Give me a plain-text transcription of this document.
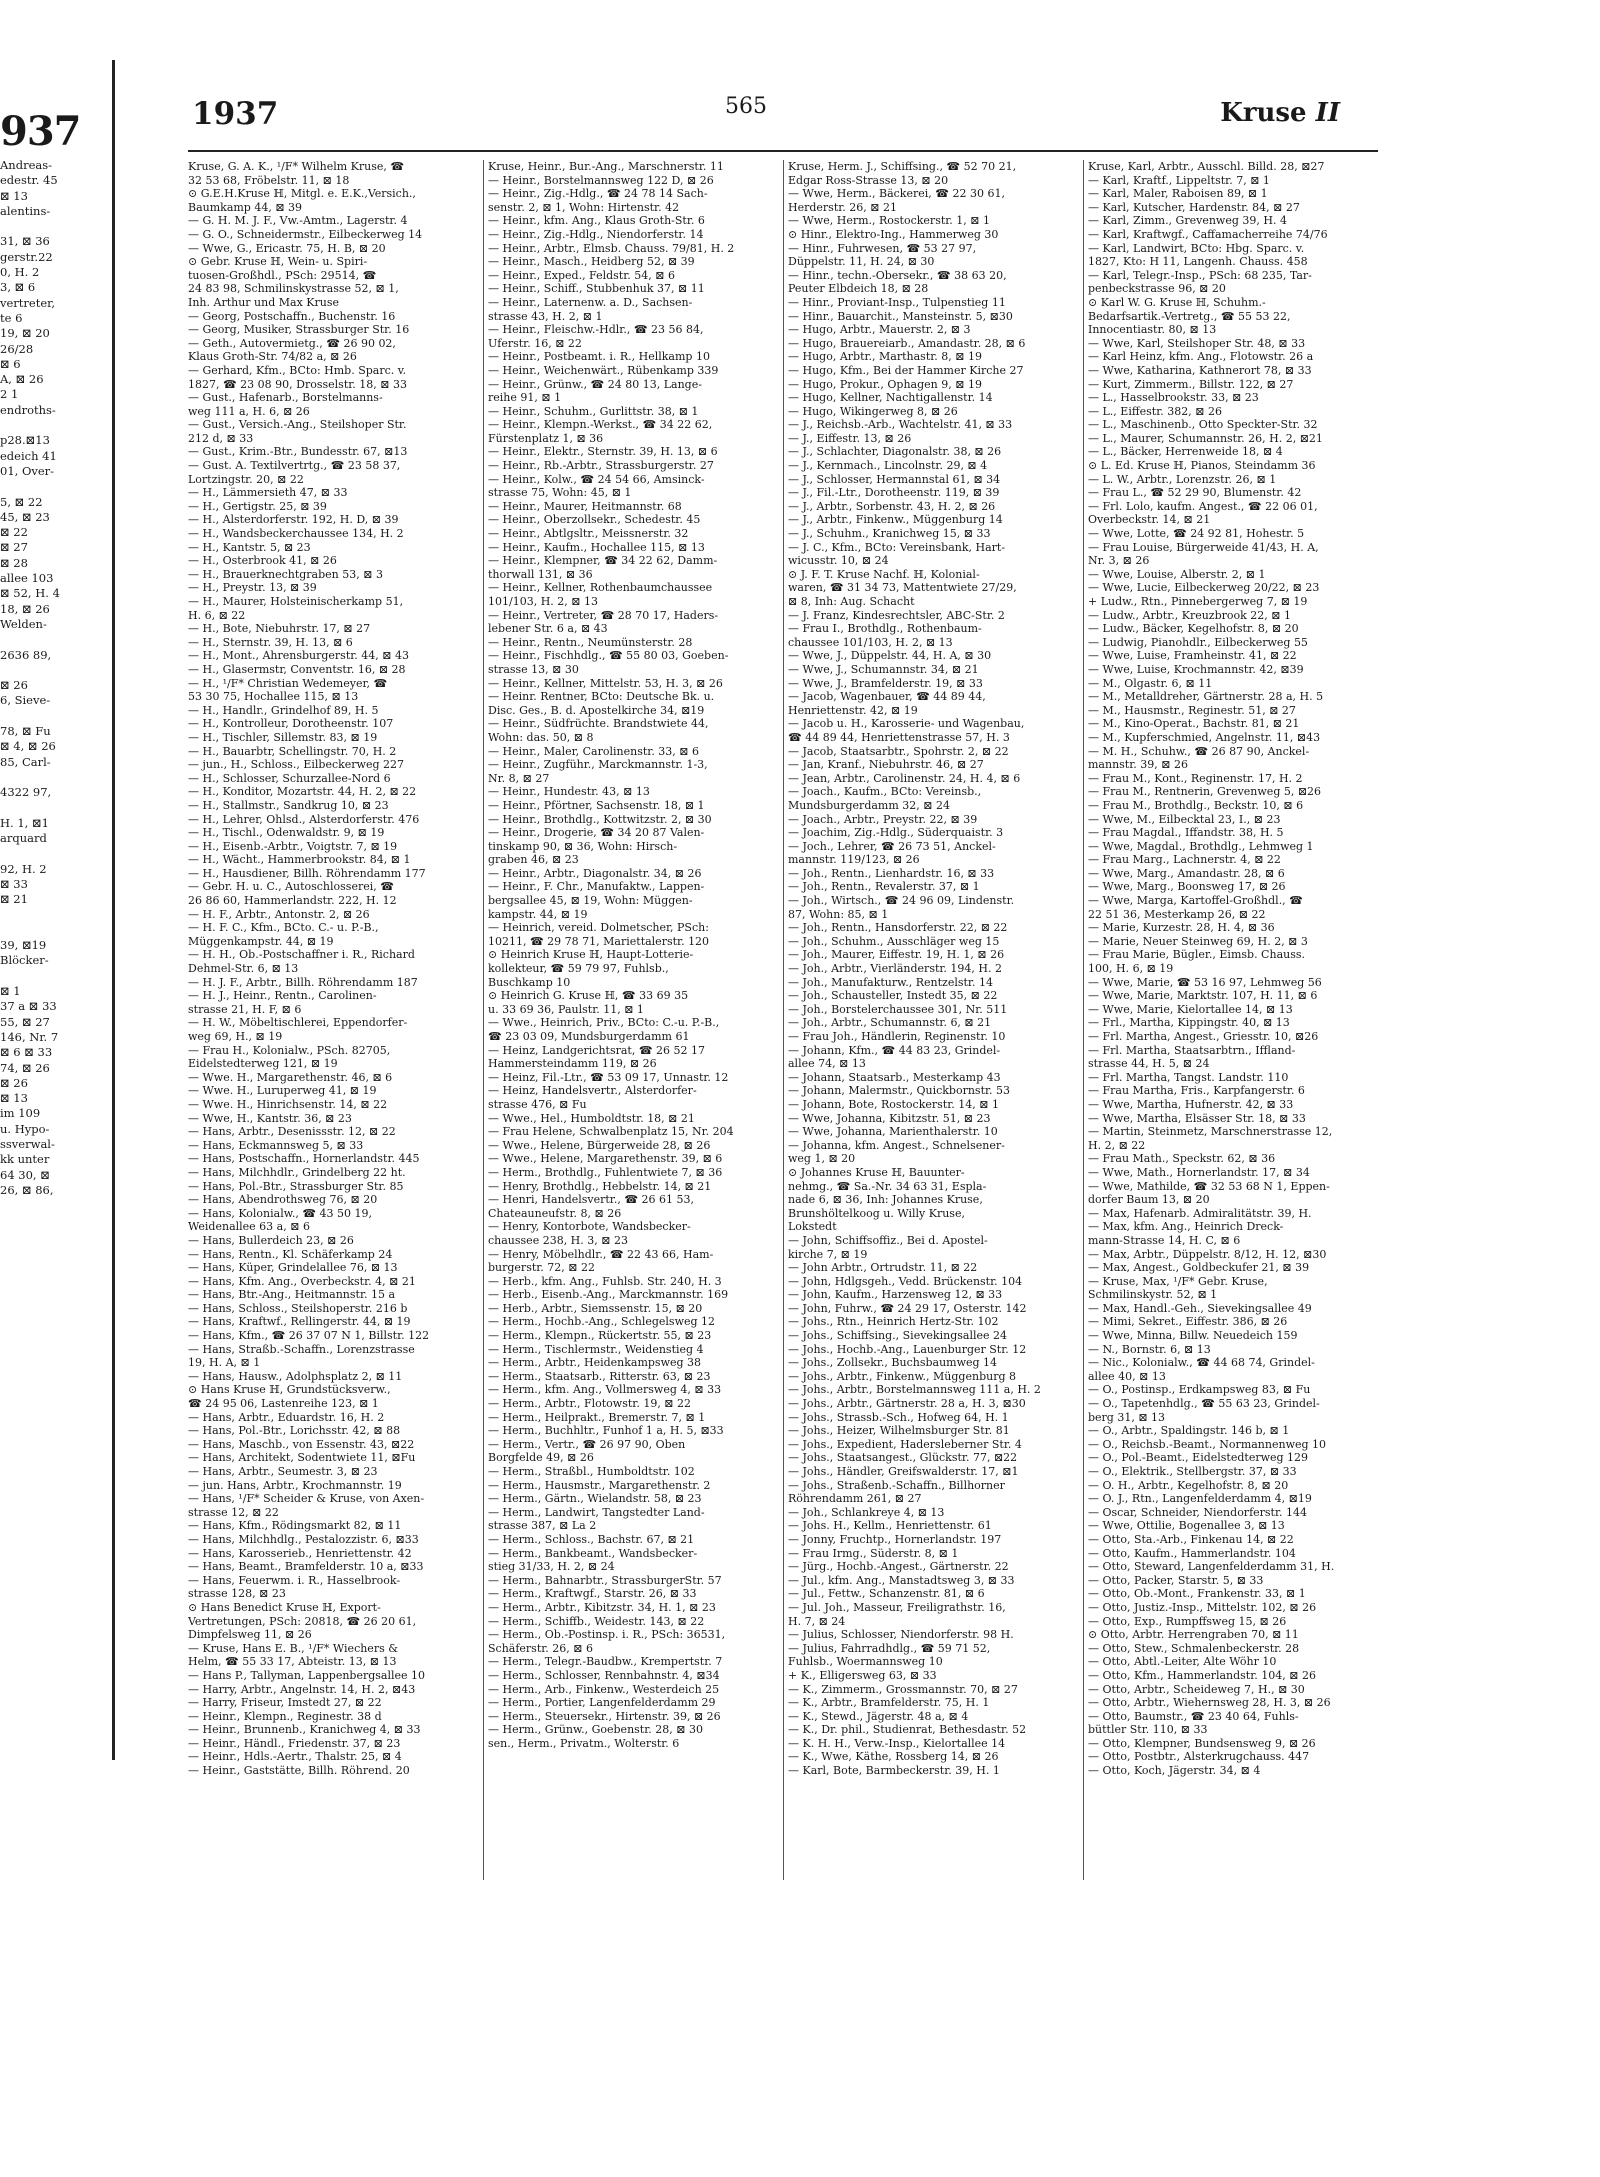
937
Andreas-
edestr. 45
⊠ 13
alentins-

31, ⊠ 36
gerstr.22
0, H. 2
3, ⊠ 6
vertreter,
te 6
19, ⊠ 20
26/28
⊠ 6
A, ⊠ 26
2 1
endroths-

p28.⊠13
edeich 41
01, Over-

5, ⊠ 22
45, ⊠ 23
⊠ 22
⊠ 27
⊠ 28
allee 103
⊠ 52, H. 4
18, ⊠ 26
Welden-

2636 89,

⊠ 26
6, Sieve-

78, ⊠ Fu
⊠ 4, ⊠ 26
85, Carl-

4322 97,

H. 1, ⊠1
arquard

92, H. 2
⊠ 33
⊠ 21

39, ⊠19
Blöcker-

⊠ 1
37 a ⊠ 33
55, ⊠ 27
146, Nr. 7
⊠ 6 ⊠ 33
74, ⊠ 26
⊠ 26
⊠ 13
im 109
u. Hypo-
ssverwal-
kk unter
64 30, ⊠
26, ⊠ 86,
1937	565	Kruse II

Kruse, G. A. K., ¹/F* Wilhelm Kruse, ☎

32 53 68, Fröbelstr. 11, ⊠ 18

⊙ G.E.H.Kruse ℍ, Mitgl. e. E.K.,Versich.,

Baumkamp 44, ⊠ 39

— G. H. M. J. F., Vw.-Amtm., Lagerstr. 4

— G. O., Schneidermstr., Eilbeckerweg 14

— Wwe, G., Ericastr. 75, H. B, ⊠ 20

⊙ Gebr. Kruse ℍ, Wein- u. Spiri-

tuosen-Großhdl., PSch: 29514, ☎

24 83 98, Schmilinskystrasse 52, ⊠ 1,

Inh. Arthur und Max Kruse

— Georg, Postschaffn., Buchenstr. 16

— Georg, Musiker, Strassburger Str. 16

— Geth., Autovermietg., ☎ 26 90 02,

Klaus Groth-Str. 74/82 a, ⊠ 26

— Gerhard, Kfm., BCto: Hmb. Sparc. v.

1827, ☎ 23 08 90, Drosselstr. 18, ⊠ 33

— Gust., Hafenarb., Borstelmanns-

weg 111 a, H. 6, ⊠ 26

— Gust., Versich.-Ang., Steilshoper Str.

212 d, ⊠ 33

— Gust., Krim.-Btr., Bundesstr. 67, ⊠13

— Gust. A. Textilvertrtg., ☎ 23 58 37,

Lortzingstr. 20, ⊠ 22

— H., Lämmersieth 47, ⊠ 33

— H., Gertigstr. 25, ⊠ 39

— H., Alsterdorferstr. 192, H. D, ⊠ 39

— H., Wandsbeckerchaussee 134, H. 2

— H., Kantstr. 5, ⊠ 23

— H., Osterbrook 41, ⊠ 26

— H., Brauerknechtgraben 53, ⊠ 3

— H., Preystr. 13, ⊠ 39

— H., Maurer, Holsteinischerkamp 51,

H. 6, ⊠ 22

— H., Bote, Niebuhrstr. 17, ⊠ 27

— H., Sternstr. 39, H. 13, ⊠ 6

— H., Mont., Ahrensburgerstr. 44, ⊠ 43

— H., Glasermstr, Conventstr. 16, ⊠ 28

— H., ¹/F* Christian Wedemeyer, ☎

53 30 75, Hochallee 115, ⊠ 13

— H., Handlr., Grindelhof 89, H. 5

— H., Kontrolleur, Dorotheenstr. 107

— H., Tischler, Sillemstr. 83, ⊠ 19

— H., Bauarbtr, Schellingstr. 70, H. 2

— jun., H., Schloss., Eilbeckerweg 227

— H., Schlosser, Schurzallee-Nord 6

— H., Konditor, Mozartstr. 44, H. 2, ⊠ 22

— H., Stallmstr., Sandkrug 10, ⊠ 23

— H., Lehrer, Ohlsd., Alsterdorferstr. 476

— H., Tischl., Odenwaldstr. 9, ⊠ 19

— H., Eisenb.-Arbtr., Voigtstr. 7, ⊠ 19

— H., Wächt., Hammerbrookstr. 84, ⊠ 1

— H., Hausdiener, Billh. Röhrendamm 177

— Gebr. H. u. C., Autoschlosserei, ☎

26 86 60, Hammerlandstr. 222, H. 12

— H. F., Arbtr., Antonstr. 2, ⊠ 26

— H. F. C., Kfm., BCto. C.- u. P.-B.,

Müggenkampstr. 44, ⊠ 19

— H. H., Ob.-Postschaffner i. R., Richard

Dehmel-Str. 6, ⊠ 13

— H. J. F., Arbtr., Billh. Röhrendamm 187

— H. J., Heinr., Rentn., Carolinen-

strasse 21, H. F, ⊠ 6

— H. W., Möbeltischlerei, Eppendorfer-

weg 69, H., ⊠ 19

— Frau H., Kolonialw., PSch. 82705,

Eidelstedterweg 121, ⊠ 19

— Wwe. H., Margarethenstr. 46, ⊠ 6

— Wwe. H., Luruperweg 41, ⊠ 19

— Wwe. H., Hinrichsenstr. 14, ⊠ 22

— Wwe, H., Kantstr. 36, ⊠ 23

— Hans, Arbtr., Desenissstr. 12, ⊠ 22

— Hans, Eckmannsweg 5, ⊠ 33

— Hans, Postschaffn., Hornerlandstr. 445

— Hans, Milchhdlr., Grindelberg 22 ht.

— Hans, Pol.-Btr., Strassburger Str. 85

— Hans, Abendrothsweg 76, ⊠ 20

— Hans, Kolonialw., ☎ 43 50 19,

Weidenallee 63 a, ⊠ 6

— Hans, Bullerdeich 23, ⊠ 26

— Hans, Rentn., Kl. Schäferkamp 24

— Hans, Küper, Grindelallee 76, ⊠ 13

— Hans, Kfm. Ang., Overbeckstr. 4, ⊠ 21

— Hans, Btr.-Ang., Heitmannstr. 15 a

— Hans, Schloss., Steilshoperstr. 216 b

— Hans, Kraftwf., Rellingerstr. 44, ⊠ 19

— Hans, Kfm., ☎ 26 37 07 N 1, Billstr. 122

— Hans, Straßb.-Schaffn., Lorenzstrasse

19, H. A, ⊠ 1

— Hans, Hausw., Adolphsplatz 2, ⊠ 11

⊙ Hans Kruse ℍ, Grundstücksverw.,

☎ 24 95 06, Lastenreihe 123, ⊠ 1

— Hans, Arbtr., Eduardstr. 16, H. 2

— Hans, Pol.-Btr., Lorichsstr. 42, ⊠ 88

— Hans, Maschb., von Essenstr. 43, ⊠22

— Hans, Architekt, Sodentwiete 11, ⊠Fu

— Hans, Arbtr., Seumestr. 3, ⊠ 23

— jun. Hans, Arbtr., Krochmannstr. 19

— Hans, ¹/F* Scheider & Kruse, von Axen-

strasse 12, ⊠ 22

— Hans, Kfm., Rödingsmarkt 82, ⊠ 11

— Hans, Milchhdlg., Pestalozzistr. 6, ⊠33

— Hans, Karosserieb., Henriettenstr. 42

— Hans, Beamt., Bramfelderstr. 10 a, ⊠33

— Hans, Feuerwm. i. R., Hasselbrook-

strasse 128, ⊠ 23

⊙ Hans Benedict Kruse ℍ, Export-

Vertretungen, PSch: 20818, ☎ 26 20 61,

Dimpfelsweg 11, ⊠ 26

— Kruse, Hans E. B., ¹/F* Wiechers &

Helm, ☎ 55 33 17, Abteistr. 13, ⊠ 13

— Hans P., Tallyman, Lappenbergsallee 10

— Harry, Arbtr., Angelnstr. 14, H. 2, ⊠43

— Harry, Friseur, Imstedt 27, ⊠ 22

— Heinr., Klempn., Reginestr. 38 d

— Heinr., Brunnenb., Kranichweg 4, ⊠ 33

— Heinr., Händl., Friedenstr. 37, ⊠ 23

— Heinr., Hdls.-Aertr., Thalstr. 25, ⊠ 4

— Heinr., Gaststätte, Billh. Röhrend. 20

Kruse, Heinr., Bur.-Ang., Marschnerstr. 11

— Heinr., Borstelmannsweg 122 D, ⊠ 26

— Heinr., Zig.-Hdlg., ☎ 24 78 14 Sach-

senstr. 2, ⊠ 1, Wohn: Hirtenstr. 42

— Heinr., kfm. Ang., Klaus Groth-Str. 6

— Heinr., Zig.-Hdlg., Niendorferstr. 14

— Heinr., Arbtr., Elmsb. Chauss. 79/81, H. 2

— Heinr., Masch., Heidberg 52, ⊠ 39

— Heinr., Exped., Feldstr. 54, ⊠ 6

— Heinr., Schiff., Stubbenhuk 37, ⊠ 11

— Heinr., Laternenw. a. D., Sachsen-

strasse 43, H. 2, ⊠ 1

— Heinr., Fleischw.-Hdlr., ☎ 23 56 84,

Uferstr. 16, ⊠ 22

— Heinr., Postbeamt. i. R., Hellkamp 10

— Heinr., Weichenwärt., Rübenkamp 339

— Heinr., Grünw., ☎ 24 80 13, Lange-

reihe 91, ⊠ 1

— Heinr., Schuhm., Gurlittstr. 38, ⊠ 1

— Heinr., Klempn.-Werkst., ☎ 34 22 62,

Fürstenplatz 1, ⊠ 36

— Heinr., Elektr., Sternstr. 39, H. 13, ⊠ 6

— Heinr., Rb.-Arbtr., Strassburgerstr. 27

— Heinr., Kolw., ☎ 24 54 66, Amsinck-

strasse 75, Wohn: 45, ⊠ 1

— Heinr., Maurer, Heitmannstr. 68

— Heinr., Oberzollsekr., Schedestr. 45

— Heinr., Abtlgsltr., Meissnerstr. 32

— Heinr., Kaufm., Hochallee 115, ⊠ 13

— Heinr., Klempner, ☎ 34 22 62, Damm-

thorwall 131, ⊠ 36

— Heinr., Kellner, Rothenbaumchaussee

101/103, H. 2, ⊠ 13

— Heinr., Vertreter, ☎ 28 70 17, Haders-

lebener Str. 6 a, ⊠ 43

— Heinr., Rentn., Neumünsterstr. 28

— Heinr., Fischhdlg., ☎ 55 80 03, Goeben-

strasse 13, ⊠ 30

— Heinr., Kellner, Mittelstr. 53, H. 3, ⊠ 26

— Heinr. Rentner, BCto: Deutsche Bk. u.

Disc. Ges., B. d. Apostelkirche 34, ⊠19

— Heinr., Südfrüchte. Brandstwiete 44,

Wohn: das. 50, ⊠ 8

— Heinr., Maler, Carolinenstr. 33, ⊠ 6

— Heinr., Zugführ., Marckmannstr. 1-3,

Nr. 8, ⊠ 27

— Heinr., Hundestr. 43, ⊠ 13

— Heinr., Pförtner, Sachsenstr. 18, ⊠ 1

— Heinr., Brothdlg., Kottwitzstr. 2, ⊠ 30

— Heinr., Drogerie, ☎ 34 20 87 Valen-

tinskamp 90, ⊠ 36, Wohn: Hirsch-

graben 46, ⊠ 23

— Heinr., Arbtr., Diagonalstr. 34, ⊠ 26

— Heinr., F. Chr., Manufaktw., Lappen-

bergsallee 45, ⊠ 19, Wohn: Müggen-

kampstr. 44, ⊠ 19

— Heinrich, vereid. Dolmetscher, PSch:

10211, ☎ 29 78 71, Mariettalerstr. 120

⊙ Heinrich Kruse ℍ, Haupt-Lotterie-

kollekteur, ☎ 59 79 97, Fuhlsb.,

Buschkamp 10

⊙ Heinrich G. Kruse ℍ, ☎ 33 69 35

u. 33 69 36, Paulstr. 11, ⊠ 1

— Wwe., Heinrich, Priv., BCto: C.-u. P.-B.,

☎ 23 03 09, Mundsburgerdamm 61

— Heinz, Landgerichtsrat, ☎ 26 52 17

Hammersteindamm 119, ⊠ 26

— Heinz, Fil.-Ltr., ☎ 53 09 17, Unnastr. 12

— Heinz, Handelsvertr., Alsterdorfer-

strasse 476, ⊠ Fu

— Wwe., Hel., Humboldtstr. 18, ⊠ 21

— Frau Helene, Schwalbenplatz 15, Nr. 204

— Wwe., Helene, Bürgerweide 28, ⊠ 26

— Wwe., Helene, Margarethenstr. 39, ⊠ 6

— Herm., Brothdlg., Fuhlentwiete 7, ⊠ 36

— Henry, Brothdlg., Hebbelstr. 14, ⊠ 21

— Henri, Handelsvertr., ☎ 26 61 53,

Chateauneufstr. 8, ⊠ 26

— Henry, Kontorbote, Wandsbecker-

chaussee 238, H. 3, ⊠ 23

— Henry, Möbelhdlr., ☎ 22 43 66, Ham-

burgerstr. 72, ⊠ 22

— Herb., kfm. Ang., Fuhlsb. Str. 240, H. 3

— Herb., Eisenb.-Ang., Marckmannstr. 169

— Herb., Arbtr., Siemssenstr. 15, ⊠ 20

— Herm., Hochb.-Ang., Schlegelsweg 12

— Herm., Klempn., Rückertstr. 55, ⊠ 23

— Herm., Tischlermstr., Weidenstieg 4

— Herm., Arbtr., Heidenkampsweg 38

— Herm., Staatsarb., Ritterstr. 63, ⊠ 23

— Herm., kfm. Ang., Vollmersweg 4, ⊠ 33

— Herm., Arbtr., Flotowstr. 19, ⊠ 22

— Herm., Heilprakt., Bremerstr. 7, ⊠ 1

— Herm., Buchhltr., Funhof 1 a, H. 5, ⊠33

— Herm., Vertr., ☎ 26 97 90, Oben

Borgfelde 49, ⊠ 26

— Herm., Straßbl., Humboldtstr. 102

— Herm., Hausmstr., Margarethenstr. 2

— Herm., Gärtn., Wielandstr. 58, ⊠ 23

— Herm., Landwirt, Tangstedter Land-

strasse 387, ⊠ La 2

— Herm., Schloss., Bachstr. 67, ⊠ 21

— Herm., Bankbeamt., Wandsbecker-

stieg 31/33, H. 2, ⊠ 24

— Herm., Bahnarbtr., StrassburgerStr. 57

— Herm., Kraftwgf., Starstr. 26, ⊠ 33

— Herm., Arbtr., Kibitzstr. 34, H. 1, ⊠ 23

— Herm., Schiffb., Weidestr. 143, ⊠ 22

— Herm., Ob.-Postinsp. i. R., PSch: 36531,

Schäferstr. 26, ⊠ 6

— Herm., Telegr.-Baudbw., Krempertstr. 7

— Herm., Schlosser, Rennbahnstr. 4, ⊠34

— Herm., Arb., Finkenw., Westerdeich 25

— Herm., Portier, Langenfelderdamm 29

— Herm., Steuersekr., Hirtenstr. 39, ⊠ 26

— Herm., Grünw., Goebenstr. 28, ⊠ 30

sen., Herm., Privatm., Wolterstr. 6

Kruse, Herm. J., Schiffsing., ☎ 52 70 21,

Edgar Ross-Strasse 13, ⊠ 20

— Wwe, Herm., Bäckerei, ☎ 22 30 61,

Herderstr. 26, ⊠ 21

— Wwe, Herm., Rostockerstr. 1, ⊠ 1

⊙ Hinr., Elektro-Ing., Hammerweg 30

— Hinr., Fuhrwesen, ☎ 53 27 97,

Düppelstr. 11, H. 24, ⊠ 30

— Hinr., techn.-Obersekr., ☎ 38 63 20,

Peuter Elbdeich 18, ⊠ 28

— Hinr., Proviant-Insp., Tulpenstieg 11

— Hinr., Bauarchit., Mansteinstr. 5, ⊠30

— Hugo, Arbtr., Mauerstr. 2, ⊠ 3

— Hugo, Brauereiarb., Amandastr. 28, ⊠ 6

— Hugo, Arbtr., Marthastr. 8, ⊠ 19

— Hugo, Kfm., Bei der Hammer Kirche 27

— Hugo, Prokur., Ophagen 9, ⊠ 19

— Hugo, Kellner, Nachtigallenstr. 14

— Hugo, Wikingerweg 8, ⊠ 26

— J., Reichsb.-Arb., Wachtelstr. 41, ⊠ 33

— J., Eiffestr. 13, ⊠ 26

— J., Schlachter, Diagonalstr. 38, ⊠ 26

— J., Kernmach., Lincolnstr. 29, ⊠ 4

— J., Schlosser, Hermannstal 61, ⊠ 34

— J., Fil.-Ltr., Dorotheenstr. 119, ⊠ 39

— J., Arbtr., Sorbenstr. 43, H. 2, ⊠ 26

— J., Arbtr., Finkenw., Müggenburg 14

— J., Schuhm., Kranichweg 15, ⊠ 33

— J. C., Kfm., BCto: Vereinsbank, Hart-

wicusstr. 10, ⊠ 24

⊙ J. F. T. Kruse Nachf. ℍ, Kolonial-

waren, ☎ 31 34 73, Mattentwiete 27/29,

⊠ 8, Inh: Aug. Schacht

— J. Franz, Kindesrechtsler, ABC-Str. 2

— Frau I., Brothdlg., Rothenbaum-

chaussee 101/103, H. 2, ⊠ 13

— Wwe, J., Düppelstr. 44, H. A, ⊠ 30

— Wwe, J., Schumannstr. 34, ⊠ 21

— Wwe, J., Bramfelderstr. 19, ⊠ 33

— Jacob, Wagenbauer, ☎ 44 89 44,

Henriettenstr. 42, ⊠ 19

— Jacob u. H., Karosserie- und Wagenbau,

☎ 44 89 44, Henriettenstrasse 57, H. 3

— Jacob, Staatsarbtr., Spohrstr. 2, ⊠ 22

— Jan, Kranf., Niebuhrstr. 46, ⊠ 27

— Jean, Arbtr., Carolinenstr. 24, H. 4, ⊠ 6

— Joach., Kaufm., BCto: Vereinsb.,

Mundsburgerdamm 32, ⊠ 24

— Joach., Arbtr., Preystr. 22, ⊠ 39

— Joachim, Zig.-Hdlg., Süderquaistr. 3

— Joch., Lehrer, ☎ 26 73 51, Anckel-

mannstr. 119/123, ⊠ 26

— Joh., Rentn., Lienhardstr. 16, ⊠ 33

— Joh., Rentn., Revalerstr. 37, ⊠ 1

— Joh., Wirtsch., ☎ 24 96 09, Lindenstr.

87, Wohn: 85, ⊠ 1

— Joh., Rentn., Hansdorferstr. 22, ⊠ 22

— Joh., Schuhm., Ausschläger weg 15

— Joh., Maurer, Eiffestr. 19, H. 1, ⊠ 26

— Joh., Arbtr., Vierländerstr. 194, H. 2

— Joh., Manufakturw., Rentzelstr. 14

— Joh., Schausteller, Instedt 35, ⊠ 22

— Joh., Borstelerchaussee 301, Nr. 511

— Joh., Arbtr., Schumannstr. 6, ⊠ 21

— Frau Joh., Händlerin, Reginenstr. 10

— Johann, Kfm., ☎ 44 83 23, Grindel-

allee 74, ⊠ 13

— Johann, Staatsarb., Mesterkamp 43

— Johann, Malermstr., Quickbornstr. 53

— Johann, Bote, Rostockerstr. 14, ⊠ 1

— Wwe, Johanna, Kibitzstr. 51, ⊠ 23

— Wwe, Johanna, Marienthalerstr. 10

— Johanna, kfm. Angest., Schnelsener-

weg 1, ⊠ 20

⊙ Johannes Kruse ℍ, Bauunter-

nehmg., ☎ Sa.-Nr. 34 63 31, Espla-

nade 6, ⊠ 36, Inh: Johannes Kruse,

Brunshöltelkoog u. Willy Kruse,

Lokstedt

— John, Schiffsoffiz., Bei d. Apostel-

kirche 7, ⊠ 19

— John Arbtr., Ortrudstr. 11, ⊠ 22

— John, Hdlgsgeh., Vedd. Brückenstr. 104

— John, Kaufm., Harzensweg 12, ⊠ 33

— John, Fuhrw., ☎ 24 29 17, Osterstr. 142

— Johs., Rtn., Heinrich Hertz-Str. 102

— Johs., Schiffsing., Sievekingsallee 24

— Johs., Hochb.-Ang., Lauenburger Str. 12

— Johs., Zollsekr., Buchsbaumweg 14

— Johs., Arbtr., Finkenw., Müggenburg 8

— Johs., Arbtr., Borstelmannsweg 111 a, H. 2

— Johs., Arbtr., Gärtnerstr. 28 a, H. 3, ⊠30

— Johs., Strassb.-Sch., Hofweg 64, H. 1

— Johs., Heizer, Wilhelmsburger Str. 81

— Johs., Expedient, Hadersleberner Str. 4

— Johs., Staatsangest., Glückstr. 77, ⊠22

— Johs., Händler, Greifswalderstr. 17, ⊠1

— Johs., Straßenb.-Schaffn., Billhorner

Röhrendamm 261, ⊠ 27

— Joh., Schlankreye 4, ⊠ 13

— Johs. H., Kellm., Henriettenstr. 61

— Jonny, Fruchtp., Hornerlandstr. 197

— Frau Irmg., Süderstr. 8, ⊠ 1

— Jürg., Hochb.-Angest., Gärtnerstr. 22

— Jul., kfm. Ang., Manstadtsweg 3, ⊠ 33

— Jul., Fettw., Schanzenstr. 81, ⊠ 6

— Jul. Joh., Masseur, Freiligrathstr. 16,

H. 7, ⊠ 24

— Julius, Schlosser, Niendorferstr. 98 H.

— Julius, Fahrradhdlg., ☎ 59 71 52,

Fuhlsb., Woermannsweg 10

+ K., Elligersweg 63, ⊠ 33

— K., Zimmerm., Grossmannstr. 70, ⊠ 27

— K., Arbtr., Bramfelderstr. 75, H. 1

— K., Stewd., Jägerstr. 48 a, ⊠ 4

— K., Dr. phil., Studienrat, Bethesdastr. 52

— K. H. H., Verw.-Insp., Kielortallee 14

— K., Wwe, Käthe, Rossberg 14, ⊠ 26

— Karl, Bote, Barmbeckerstr. 39, H. 1

Kruse, Karl, Arbtr., Ausschl. Billd. 28, ⊠27

— Karl, Kraftf., Lippeltstr. 7, ⊠ 1

— Karl, Maler, Raboisen 89, ⊠ 1

— Karl, Kutscher, Hardenstr. 84, ⊠ 27

— Karl, Zimm., Grevenweg 39, H. 4

— Karl, Kraftwgf., Caffamacherreihe 74/76

— Karl, Landwirt, BCto: Hbg. Sparc. v.

1827, Kto: H 11, Langenh. Chauss. 458

— Karl, Telegr.-Insp., PSch: 68 235, Tar-

penbeckstrasse 96, ⊠ 20

⊙ Karl W. G. Kruse ℍ, Schuhm.-

Bedarfsartik.-Vertretg., ☎ 55 53 22,

Innocentiastr. 80, ⊠ 13

— Wwe, Karl, Steilshoper Str. 48, ⊠ 33

— Karl Heinz, kfm. Ang., Flotowstr. 26 a

— Wwe, Katharina, Kathnerort 78, ⊠ 33

— Kurt, Zimmerm., Billstr. 122, ⊠ 27

— L., Hasselbrookstr. 33, ⊠ 23

— L., Eiffestr. 382, ⊠ 26

— L., Maschinenb., Otto Speckter-Str. 32

— L., Maurer, Schumannstr. 26, H. 2, ⊠21

— L., Bäcker, Herrenweide 18, ⊠ 4

⊙ L. Ed. Kruse ℍ, Pianos, Steindamm 36

— L. W., Arbtr., Lorenzstr. 26, ⊠ 1

— Frau L., ☎ 52 29 90, Blumenstr. 42

— Frl. Lolo, kaufm. Angest., ☎ 22 06 01,

Overbeckstr. 14, ⊠ 21

— Wwe, Lotte, ☎ 24 92 81, Hohestr. 5

— Frau Louise, Bürgerweide 41/43, H. A,

Nr. 3, ⊠ 26

— Wwe, Louise, Alberstr. 2, ⊠ 1

— Wwe, Lucie, Eilbeckerweg 20/22, ⊠ 23

+ Ludw., Rtn., Pinnebergerweg 7, ⊠ 19

— Ludw., Arbtr., Kreuzbrook 22, ⊠ 1

— Ludw., Bäcker, Kegelhofstr. 8, ⊠ 20

— Ludwig, Pianohdlr., Eilbeckerweg 55

— Wwe, Luise, Framheinstr. 41, ⊠ 22

— Wwe, Luise, Krochmannstr. 42, ⊠39

— M., Olgastr. 6, ⊠ 11

— M., Metalldreher, Gärtnerstr. 28 a, H. 5

— M., Hausmstr., Reginestr. 51, ⊠ 27

— M., Kino-Operat., Bachstr. 81, ⊠ 21

— M., Kupferschmied, Angelnstr. 11, ⊠43

— M. H., Schuhw., ☎ 26 87 90, Anckel-

mannstr. 39, ⊠ 26

— Frau M., Kont., Reginenstr. 17, H. 2

— Frau M., Rentnerin, Grevenweg 5, ⊠26

— Frau M., Brothdlg., Beckstr. 10, ⊠ 6

— Wwe, M., Eilbecktal 23, I., ⊠ 23

— Frau Magdal., Iffandstr. 38, H. 5

— Wwe, Magdal., Brothdlg., Lehmweg 1

— Frau Marg., Lachnerstr. 4, ⊠ 22

— Wwe, Marg., Amandastr. 28, ⊠ 6

— Wwe, Marg., Boonsweg 17, ⊠ 26

— Wwe, Marga, Kartoffel-Großhdl., ☎

22 51 36, Mesterkamp 26, ⊠ 22

— Marie, Kurzestr. 28, H. 4, ⊠ 36

— Marie, Neuer Steinweg 69, H. 2, ⊠ 3

— Frau Marie, Bügler., Eimsb. Chauss.

100, H. 6, ⊠ 19

— Wwe, Marie, ☎ 53 16 97, Lehmweg 56

— Wwe, Marie, Marktstr. 107, H. 11, ⊠ 6

— Wwe, Marie, Kielortallee 14, ⊠ 13

— Frl., Martha, Kippingstr. 40, ⊠ 13

— Frl. Martha, Angest., Griesstr. 10, ⊠26

— Frl. Martha, Staatsarbtrn., Iffland-

strasse 44, H. 5, ⊠ 24

— Frl. Martha, Tangst. Landstr. 110

— Frau Martha, Fris., Karpfangerstr. 6

— Wwe, Martha, Hufnerstr. 42, ⊠ 33

— Wwe, Martha, Elsässer Str. 18, ⊠ 33

— Martin, Steinmetz, Marschnerstrasse 12,

H. 2, ⊠ 22

— Frau Math., Speckstr. 62, ⊠ 36

— Wwe, Math., Hornerlandstr. 17, ⊠ 34

— Wwe, Mathilde, ☎ 32 53 68 N 1, Eppen-

dorfer Baum 13, ⊠ 20

— Max, Hafenarb. Admiralitätstr. 39, H.

— Max, kfm. Ang., Heinrich Dreck-

mann-Strasse 14, H. C, ⊠ 6

— Max, Arbtr., Düppelstr. 8/12, H. 12, ⊠30

— Max, Angest., Goldbeckufer 21, ⊠ 39

— Kruse, Max, ¹/F* Gebr. Kruse,

Schmilinskystr. 52, ⊠ 1

— Max, Handl.-Geh., Sievekingsallee 49

— Mimi, Sekret., Eiffestr. 386, ⊠ 26

— Wwe, Minna, Billw. Neuedeich 159

— N., Bornstr. 6, ⊠ 13

— Nic., Kolonialw., ☎ 44 68 74, Grindel-

allee 40, ⊠ 13

— O., Postinsp., Erdkampsweg 83, ⊠ Fu

— O., Tapetenhdlg., ☎ 55 63 23, Grindel-

berg 31, ⊠ 13

— O., Arbtr., Spaldingstr. 146 b, ⊠ 1

— O., Reichsb.-Beamt., Normannenweg 10

— O., Pol.-Beamt., Eidelstedterweg 129

— O., Elektrik., Stellbergstr. 37, ⊠ 33

— O. H., Arbtr., Kegelhofstr. 8, ⊠ 20

— O. J., Rtn., Langenfelderdamm 4, ⊠19

— Oscar, Schneider, Niendorferstr. 144

— Wwe, Ottilie, Bogenallee 3, ⊠ 13

— Otto, Sta.-Arb., Finkenau 14, ⊠ 22

— Otto, Kaufm., Hammerlandstr. 104

— Otto, Steward, Langenfelderdamm 31, H.

— Otto, Packer, Starstr. 5, ⊠ 33

— Otto, Ob.-Mont., Frankenstr. 33, ⊠ 1

— Otto, Justiz.-Insp., Mittelstr. 102, ⊠ 26

— Otto, Exp., Rumpffsweg 15, ⊠ 26

⊙ Otto, Arbtr. Herrengraben 70, ⊠ 11

— Otto, Stew., Schmalenbeckerstr. 28

— Otto, Abtl.-Leiter, Alte Wöhr 10

— Otto, Kfm., Hammerlandstr. 104, ⊠ 26

— Otto, Arbtr., Scheideweg 7, H., ⊠ 30

— Otto, Arbtr., Wiehernsweg 28, H. 3, ⊠ 26

— Otto, Baumstr., ☎ 23 40 64, Fuhls-

büttler Str. 110, ⊠ 33

— Otto, Klempner, Bundsensweg 9, ⊠ 26

— Otto, Postbtr., Alsterkrugchauss. 447

— Otto, Koch, Jägerstr. 34, ⊠ 4
